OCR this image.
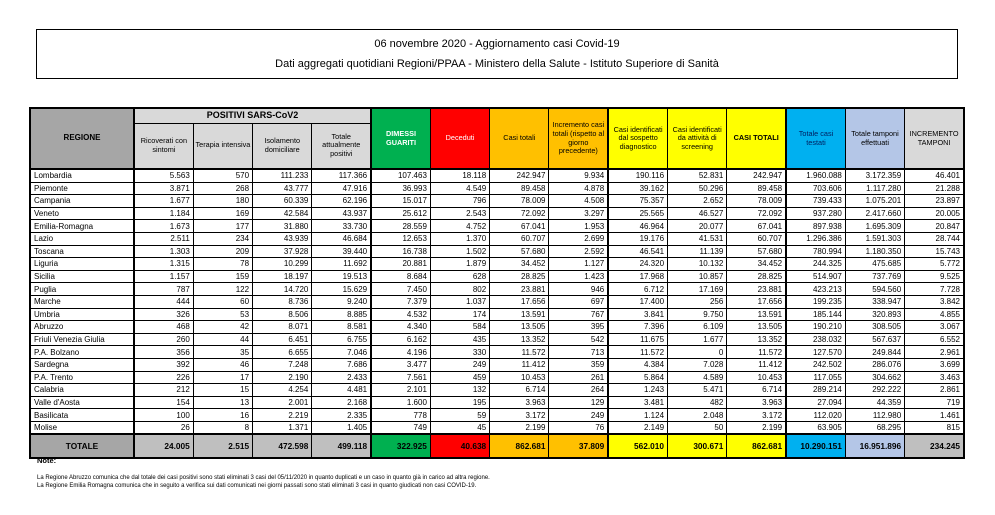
06 novembre 2020 - Aggiornamento casi Covid-19

Dati aggregati quotidiani Regioni/PPAA - Ministero della Salute - Istituto Superiore di Sanità

REGIONE	POSITIVI SARS-CoV2				DIMESSI GUARITI	Deceduti	Casi totali	Incremento casi totali (rispetto al giorno precedente)	Casi identificati dal sospetto diagnostico	Casi identificati da attività di screening	CASI TOTALI	Totale casi testati	Totale tamponi effettuati	INCREMENTO TAMPONI
	Ricoverati con sintomi	Terapia intensiva	Isolamento domiciliare	Totale attualmente positivi										
Lombardia	5.563	570	111.233	117.366	107.463	18.118	242.947	9.934	190.116	52.831	242.947	1.960.088	3.172.359	46.401
Piemonte	3.871	268	43.777	47.916	36.993	4.549	89.458	4.878	39.162	50.296	89.458	703.606	1.117.280	21.288
Campania	1.677	180	60.339	62.196	15.017	796	78.009	4.508	75.357	2.652	78.009	739.433	1.075.201	23.897
Veneto	1.184	169	42.584	43.937	25.612	2.543	72.092	3.297	25.565	46.527	72.092	937.280	2.417.660	20.005
Emilia-Romagna	1.673	177	31.880	33.730	28.559	4.752	67.041	1.953	46.964	20.077	67.041	897.938	1.695.309	20.847
Lazio	2.511	234	43.939	46.684	12.653	1.370	60.707	2.699	19.176	41.531	60.707	1.296.386	1.591.303	28.744
Toscana	1.303	209	37.928	39.440	16.738	1.502	57.680	2.592	46.541	11.139	57.680	780.994	1.180.350	15.743
Liguria	1.315	78	10.299	11.692	20.881	1.879	34.452	1.127	24.320	10.132	34.452	244.325	475.685	5.772
Sicilia	1.157	159	18.197	19.513	8.684	628	28.825	1.423	17.968	10.857	28.825	514.907	737.769	9.525
Puglia	787	122	14.720	15.629	7.450	802	23.881	946	6.712	17.169	23.881	423.213	594.560	7.728
Marche	444	60	8.736	9.240	7.379	1.037	17.656	697	17.400	256	17.656	199.235	338.947	3.842
Umbria	326	53	8.506	8.885	4.532	174	13.591	767	3.841	9.750	13.591	185.144	320.893	4.855
Abruzzo	468	42	8.071	8.581	4.340	584	13.505	395	7.396	6.109	13.505	190.210	308.505	3.067
Friuli Venezia Giulia	260	44	6.451	6.755	6.162	435	13.352	542	11.675	1.677	13.352	238.032	567.637	6.552
P.A. Bolzano	356	35	6.655	7.046	4.196	330	11.572	713	11.572	0	11.572	127.570	249.844	2.961
Sardegna	392	46	7.248	7.686	3.477	249	11.412	359	4.384	7.028	11.412	242.502	286.076	3.699
P.A. Trento	226	17	2.190	2.433	7.561	459	10.453	261	5.864	4.589	10.453	117.055	304.662	3.463
Calabria	212	15	4.254	4.481	2.101	132	6.714	264	1.243	5.471	6.714	289.214	292.222	2.861
Valle d'Aosta	154	13	2.001	2.168	1.600	195	3.963	129	3.481	482	3.963	27.094	44.359	719
Basilicata	100	16	2.219	2.335	778	59	3.172	249	1.124	2.048	3.172	112.020	112.980	1.461
Molise	26	8	1.371	1.405	749	45	2.199	76	2.149	50	2.199	63.905	68.295	815
TOTALE	24.005	2.515	472.598	499.118	322.925	40.638	862.681	37.809	562.010	300.671	862.681	10.290.151	16.951.896	234.245
Note:

La Regione Abruzzo comunica che dal totale dei casi positivi sono stati eliminati 3 casi del 05/11/2020 in quanto duplicati e un caso in quanto già in carico ad altra regione.

La Regione Emilia Romagna comunica che in seguito a verifica sui dati comunicati nei giorni passati sono stati eliminati 3 casi in quanto giudicati non casi COVID-19.
